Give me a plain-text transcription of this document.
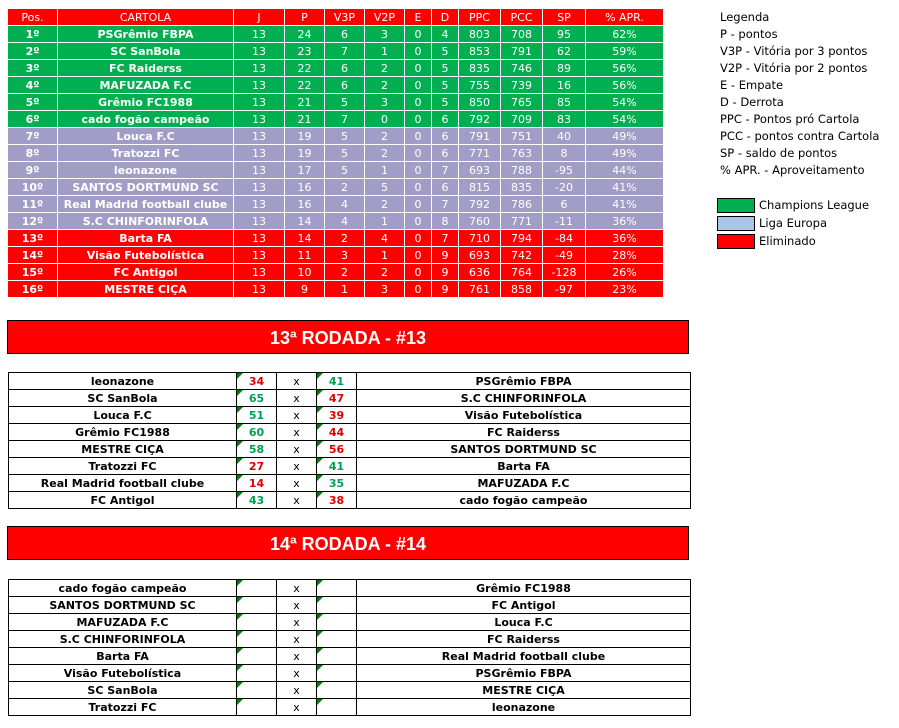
Pos.	CARTOLA	J	P	V3P	V2P	E	D	PPC	PCC	SP	% APR.
1º	PSGrêmio FBPA	13	24	6	3	0	4	803	708	95	62%
2º	SC SanBola	13	23	7	1	0	5	853	791	62	59%
3º	FC Raiderss	13	22	6	2	0	5	835	746	89	56%
4º	MAFUZADA F.C	13	22	6	2	0	5	755	739	16	56%
5º	Grêmio FC1988	13	21	5	3	0	5	850	765	85	54%
6º	cado fogão campeão	13	21	7	0	0	6	792	709	83	54%
7º	Louca F.C	13	19	5	2	0	6	791	751	40	49%
8º	Tratozzi FC	13	19	5	2	0	6	771	763	8	49%
9º	leonazone	13	17	5	1	0	7	693	788	-95	44%
10º	SANTOS DORTMUND SC	13	16	2	5	0	6	815	835	-20	41%
11º	Real Madrid football clube	13	16	4	2	0	7	792	786	6	41%
12º	S.C CHINFORINFOLA	13	14	4	1	0	8	760	771	-11	36%
13º	Barta FA	13	14	2	4	0	7	710	794	-84	36%
14º	Visão Futebolística	13	11	3	1	0	9	693	742	-49	28%
15º	FC Antigol	13	10	2	2	0	9	636	764	-128	26%
16º	MESTRE CIÇA	13	9	1	3	0	9	761	858	-97	23%
Legenda
P - pontos
V3P - Vitória por 3 pontos
V2P - Vitória por 2 pontos
E - Empate
D - Derrota
PPC - Pontos pró Cartola
PCC - pontos contra Cartola
SP - saldo de pontos
% APR. - Aproveitamento
Champions League
Liga Europa
Eliminado
13ª RODADA - #13
leonazone	34	x	41	PSGrêmio FBPA
SC SanBola	65	x	47	S.C CHINFORINFOLA
Louca F.C	51	x	39	Visão Futebolística
Grêmio FC1988	60	x	44	FC Raiderss
MESTRE CIÇA	58	x	56	SANTOS DORTMUND SC
Tratozzi FC	27	x	41	Barta FA
Real Madrid football clube	14	x	35	MAFUZADA F.C
FC Antigol	43	x	38	cado fogão campeão
14ª RODADA - #14
cado fogão campeão		x		Grêmio FC1988
SANTOS DORTMUND SC		x		FC Antigol
MAFUZADA F.C		x		Louca F.C
S.C CHINFORINFOLA		x		FC Raiderss
Barta FA		x		Real Madrid football clube
Visão Futebolística		x		PSGrêmio FBPA
SC SanBola		x		MESTRE CIÇA
Tratozzi FC		x		leonazone
